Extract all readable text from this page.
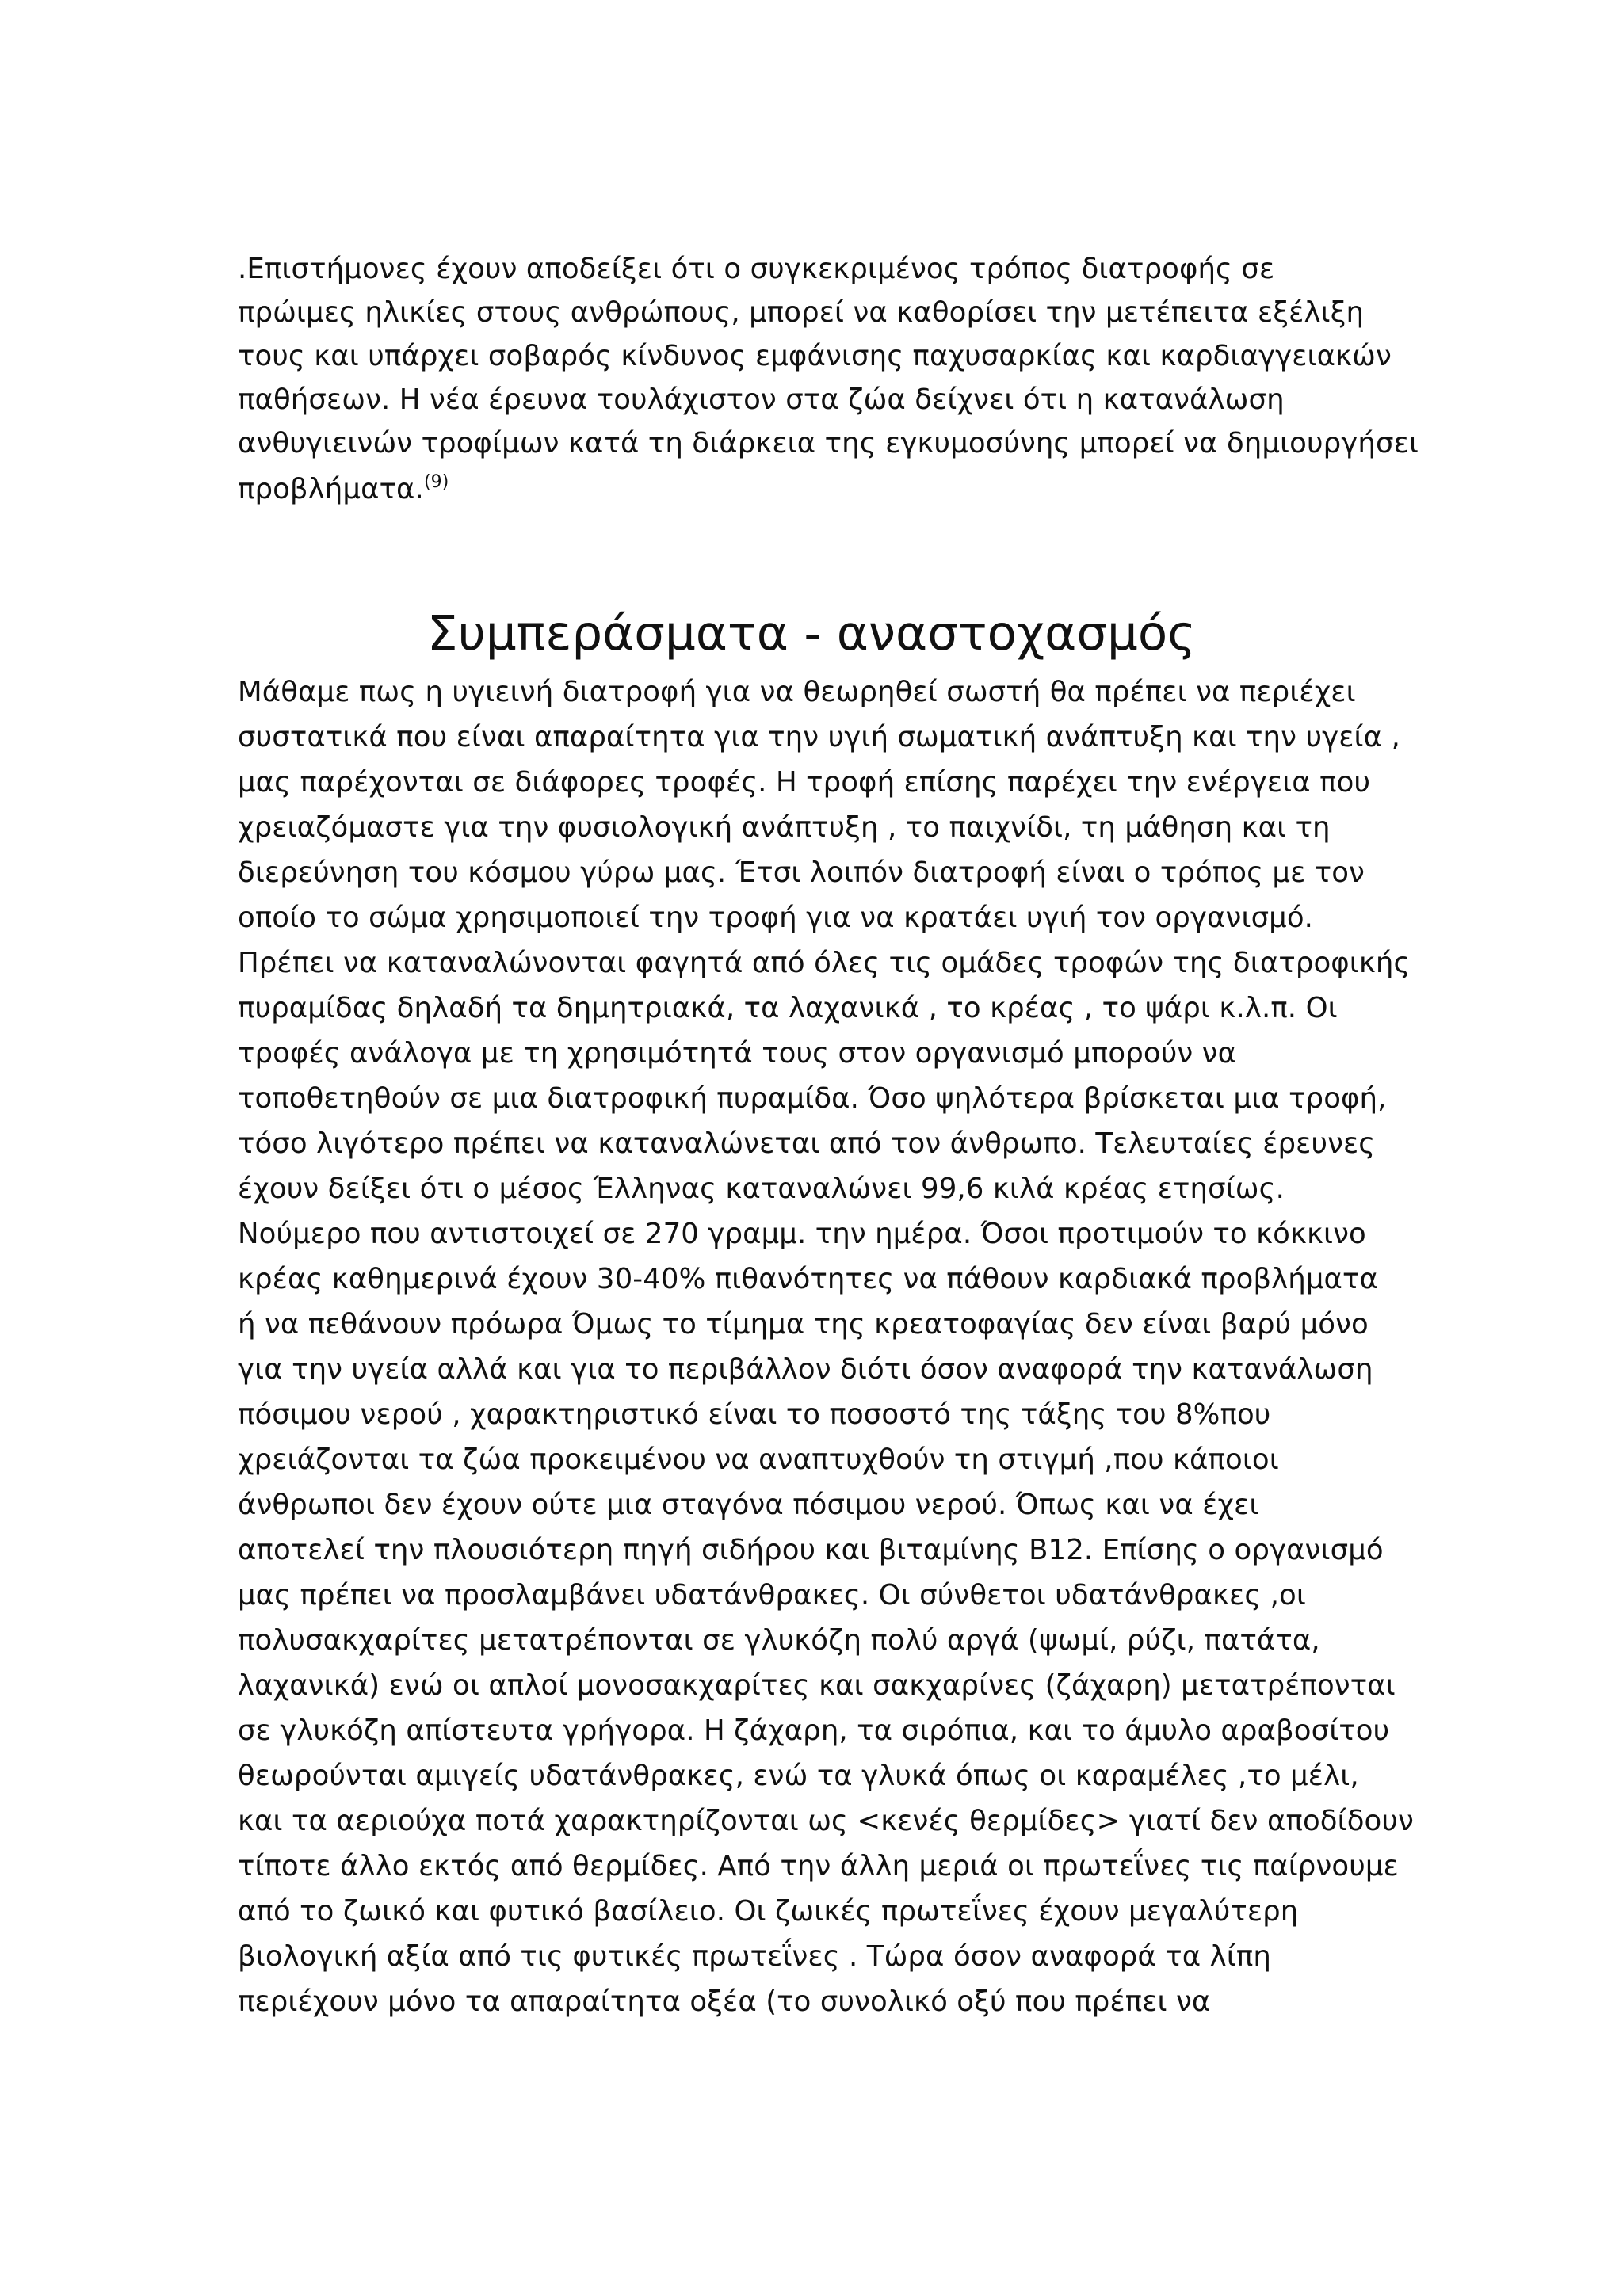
.Επιστήμονες έχουν αποδείξει ότι ο συγκεκριμένος τρόπος διατροφής σε
πρώιμες ηλικίες στους ανθρώπους, μπορεί να καθορίσει την μετέπειτα εξέλιξη
τους και υπάρχει σοβαρός κίνδυνος εμφάνισης παχυσαρκίας και καρδιαγγειακών
παθήσεων. Η νέα έρευνα τουλάχιστον στα ζώα δείχνει ότι η κατανάλωση
ανθυγιεινών τροφίμων κατά τη διάρκεια της εγκυμοσύνης μπορεί να δημιουργήσει
προβλήματα.$^{(9)}$
Συμπεράσματα - αναστοχασμός
Μάθαμε πως η υγιεινή διατροφή για να θεωρηθεί σωστή θα πρέπει να περιέχει
συστατικά που είναι απαραίτητα για την υγιή σωματική ανάπτυξη και την υγεία ,
μας παρέχονται σε διάφορες τροφές. Η τροφή επίσης παρέχει την ενέργεια που
χρειαζόμαστε για την φυσιολογική ανάπτυξη , το παιχνίδι, τη μάθηση και τη
διερεύνηση του κόσμου γύρω μας. Έτσι λοιπόν διατροφή είναι ο τρόπος με τον
οποίο το σώμα χρησιμοποιεί την τροφή για να κρατάει υγιή τον οργανισμό.
Πρέπει να καταναλώνονται φαγητά από όλες τις ομάδες τροφών της διατροφικής
πυραμίδας δηλαδή τα δημητριακά, τα λαχανικά , το κρέας , το ψάρι κ.λ.π. Οι
τροφές ανάλογα με τη χρησιμότητά τους στον οργανισμό μπορούν να
τοποθετηθούν σε μια διατροφική πυραμίδα. Όσο ψηλότερα βρίσκεται μια τροφή,
τόσο λιγότερο πρέπει να καταναλώνεται από τον άνθρωπο. Τελευταίες έρευνες
έχουν δείξει ότι ο μέσος Έλληνας καταναλώνει 99,6 κιλά κρέας ετησίως.
Νούμερο που αντιστοιχεί σε 270 γραμμ. την ημέρα. Όσοι προτιμούν το κόκκινο
κρέας καθημερινά έχουν 30-40% πιθανότητες να πάθουν καρδιακά προβλήματα
ή να πεθάνουν πρόωρα Όμως το τίμημα της κρεατοφαγίας δεν είναι βαρύ μόνο
για την υγεία αλλά και για το περιβάλλον διότι όσον αναφορά την κατανάλωση
πόσιμου νερού , χαρακτηριστικό είναι το ποσοστό της τάξης του 8%που
χρειάζονται τα ζώα προκειμένου να αναπτυχθούν τη στιγμή ,που κάποιοι
άνθρωποι δεν έχουν ούτε μια σταγόνα πόσιμου νερού. Όπως και να έχει
αποτελεί την πλουσιότερη πηγή σιδήρου και βιταμίνης Β12. Επίσης ο οργανισμό
μας πρέπει να προσλαμβάνει υδατάνθρακες. Οι σύνθετοι υδατάνθρακες ,οι
πολυσακχαρίτες μετατρέπονται σε γλυκόζη πολύ αργά (ψωμί, ρύζι, πατάτα,
λαχανικά) ενώ οι απλοί μονοσακχαρίτες και σακχαρίνες (ζάχαρη) μετατρέπονται
σε γλυκόζη απίστευτα γρήγορα. Η ζάχαρη, τα σιρόπια, και το άμυλο αραβοσίτου
θεωρούνται αμιγείς υδατάνθρακες, ενώ τα γλυκά όπως οι καραμέλες ,το μέλι,
και τα αεριούχα ποτά χαρακτηρίζονται ως <κενές θερμίδες> γιατί δεν αποδίδουν
τίποτε άλλο εκτός από θερμίδες. Από την άλλη μεριά οι πρωτεΐνες τις παίρνουμε
από το ζωικό και φυτικό βασίλειο. Οι ζωικές πρωτεΐνες έχουν μεγαλύτερη
βιολογική αξία από τις φυτικές πρωτεΐνες . Τώρα όσον αναφορά τα λίπη
περιέχουν μόνο τα απαραίτητα οξέα (το συνολικό οξύ που πρέπει να
